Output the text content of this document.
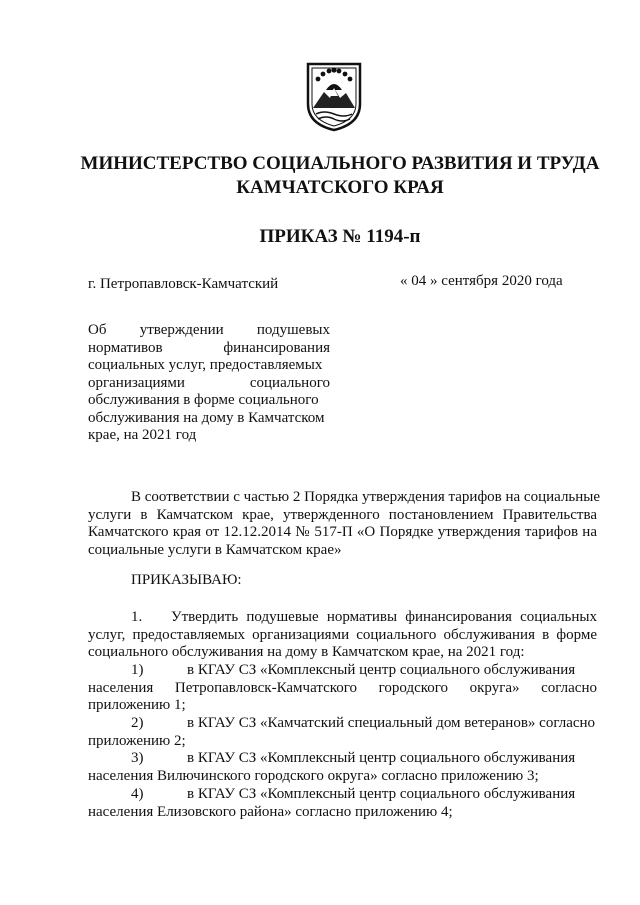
МИНИСТЕРСТВО СОЦИАЛЬНОГО РАЗВИТИЯ И ТРУДА
КАМЧАТСКОГО КРАЯ
ПРИКАЗ № 1194-п
г. Петропавловск-Камчатский	« 04 » сентября 2020 года
Об утверждении подушевых
нормативов финансирования
социальных услуг, предоставляемых
организациями социального
обслуживания в форме социального
обслуживания на дому в Камчатском
крае, на 2021 год
В соответствии с частью 2 Порядка утверждения тарифов на социальные
услуги в Камчатском крае, утвержденного постановлением Правительства
Камчатского края от 12.12.2014 № 517-П «О Порядке утверждения тарифов на
социальные услуги в Камчатском крае»
ПРИКАЗЫВАЮ:
1. Утвердить подушевые нормативы финансирования социальных
услуг, предоставляемых организациями социального обслуживания в форме
социального обслуживания на дому в Камчатском крае, на 2021 год:
1)	в КГАУ СЗ «Комплексный центр социального обслуживания
населения Петропавловск-Камчатского городского округа» согласно
приложению 1;
2)	в КГАУ СЗ «Камчатский специальный дом ветеранов» согласно
приложению 2;
3)	в КГАУ СЗ «Комплексный центр социального обслуживания
населения Вилючинского городского округа» согласно приложению 3;
4)	в КГАУ СЗ «Комплексный центр социального обслуживания
населения Елизовского района» согласно приложению 4;
